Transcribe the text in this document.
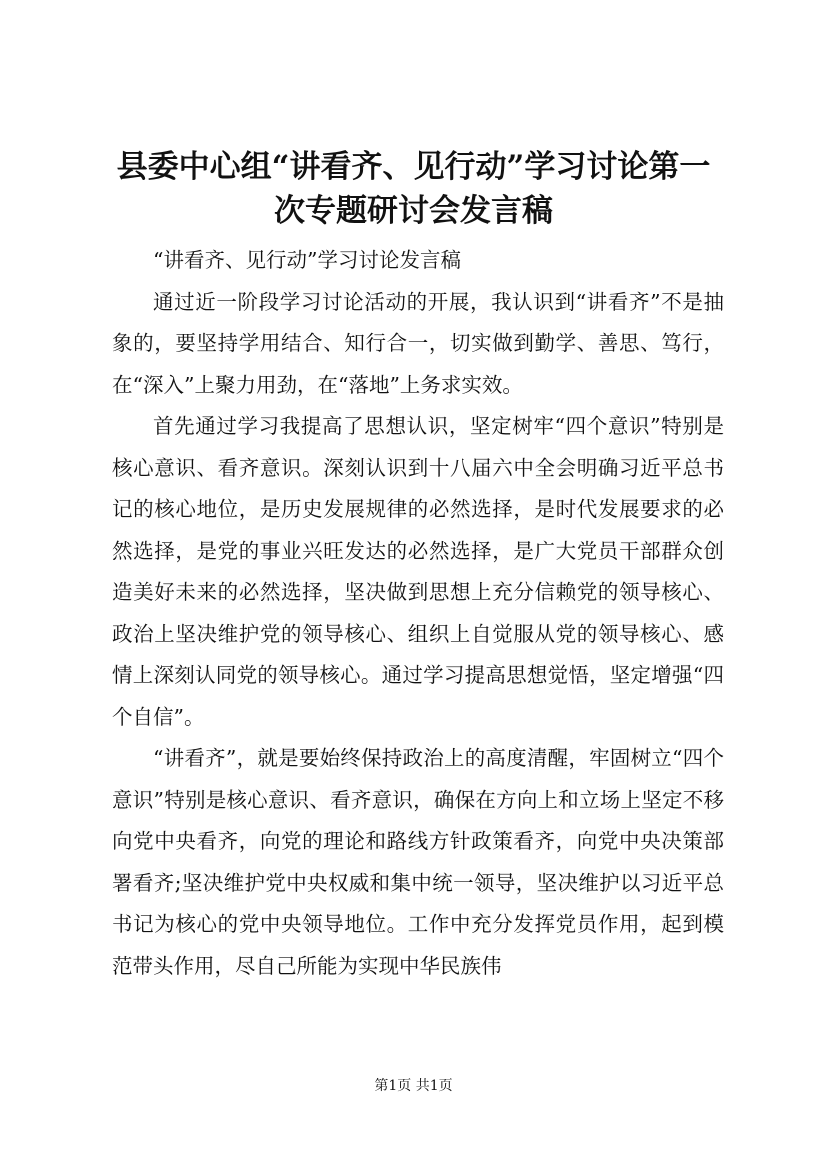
县委中心组“讲看齐、见行动”学习讨论第一
次专题研讨会发言稿

“讲看齐、见行动”学习讨论发言稿

通过近一阶段学习讨论活动的开展，我认识到“讲看齐”不是抽象的，要坚持学用结合、知行合一，切实做到勤学、善思、笃行，在“深入”上聚力用劲，在“落地”上务求实效。

首先通过学习我提高了思想认识，坚定树牢“四个意识”特别是核心意识、看齐意识。深刻认识到十八届六中全会明确习近平总书记的核心地位，是历史发展规律的必然选择，是时代发展要求的必然选择，是党的事业兴旺发达的必然选择，是广大党员干部群众创造美好未来的必然选择，坚决做到思想上充分信赖党的领导核心、政治上坚决维护党的领导核心、组织上自觉服从党的领导核心、感情上深刻认同党的领导核心。通过学习提高思想觉悟，坚定增强“四个自信”。

“讲看齐”，就是要始终保持政治上的高度清醒，牢固树立“四个意识”特别是核心意识、看齐意识，确保在方向上和立场上坚定不移向党中央看齐，向党的理论和路线方针政策看齐，向党中央决策部署看齐;坚决维护党中央权威和集中统一领导，坚决维护以习近平总书记为核心的党中央领导地位。工作中充分发挥党员作用，起到模范带头作用，尽自己所能为实现中华民族伟

第1页 共1页
